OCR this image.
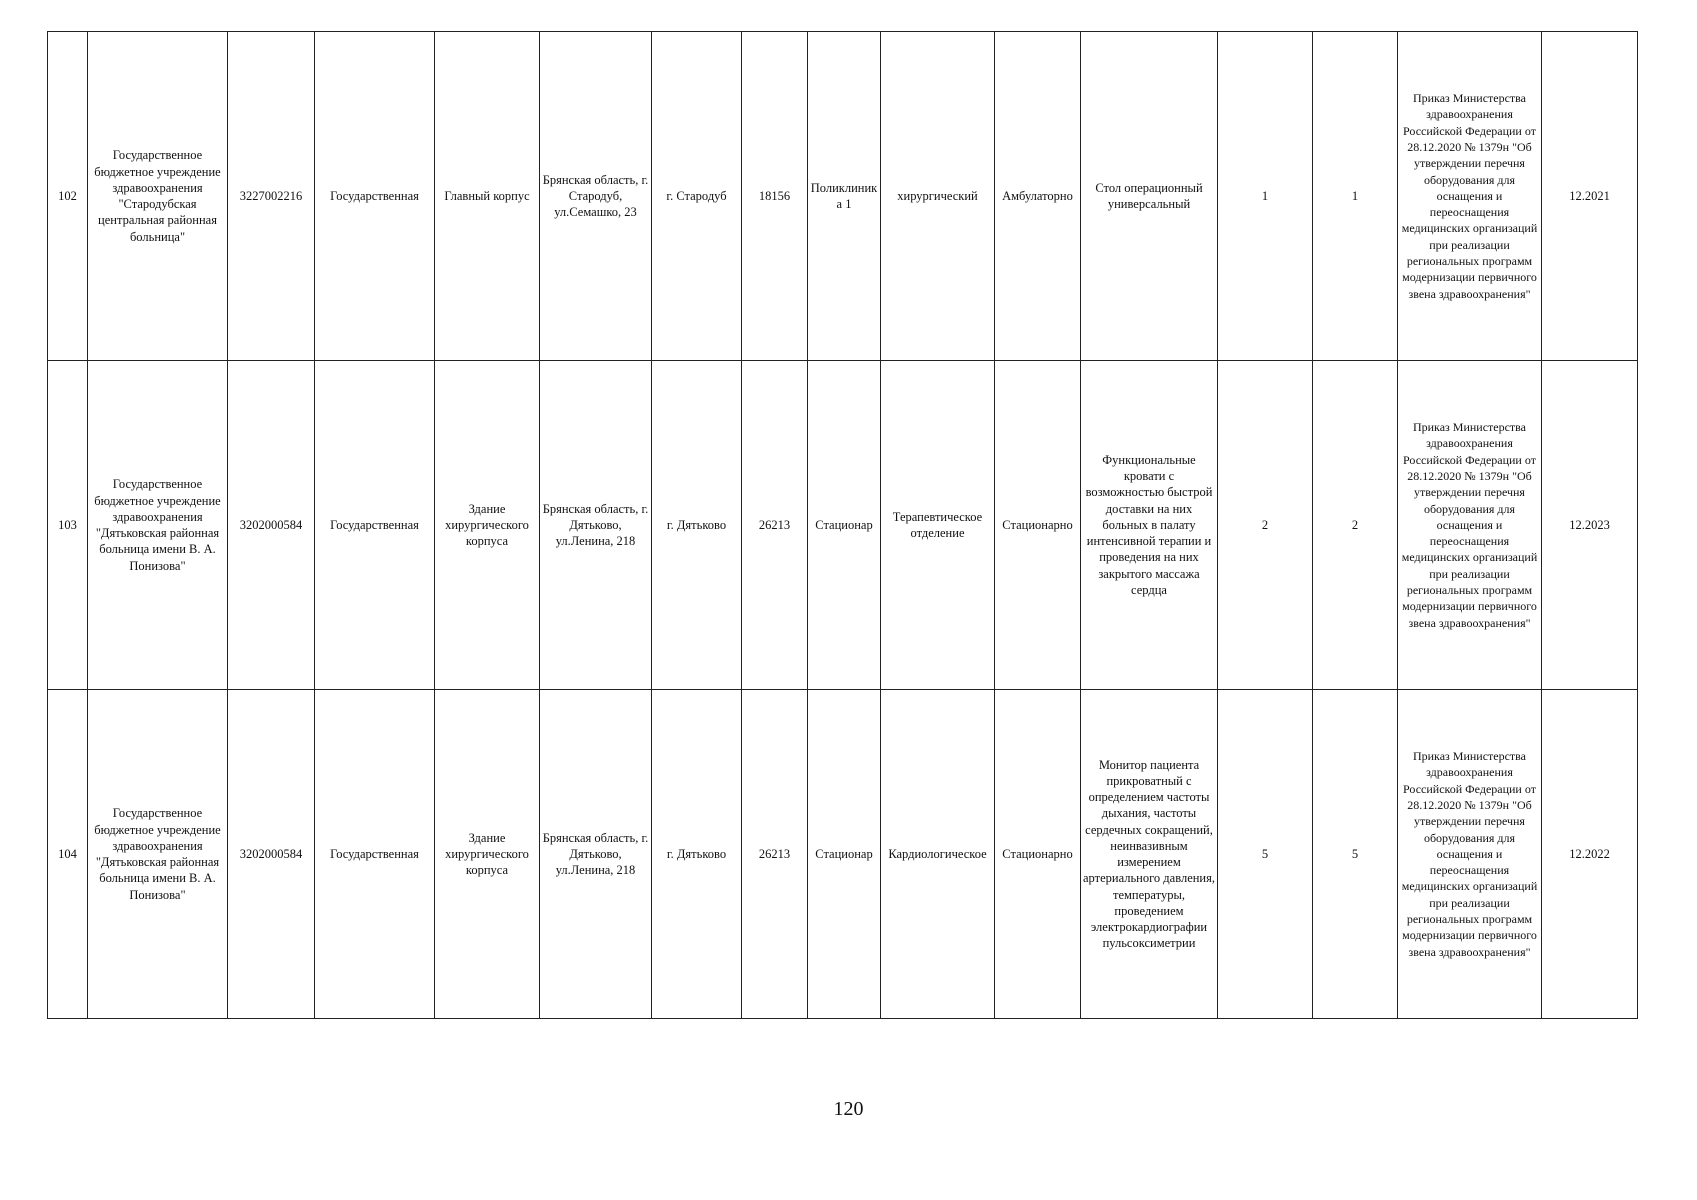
102	Государственное бюджетное учреждение здравоохранения "Стародубская центральная районная больница"	3227002216	Государственная	Главный корпус	Брянская область, г. Стародуб, ул.Семашко, 23	г. Стародуб	18156	Поликлиника 1	хирургический	Амбулаторно	Стол операционный универсальный	1	1	Приказ Министерства здравоохранения Российской Федерации от 28.12.2020 № 1379н "Об утверждении перечня оборудования для оснащения и переоснащения медицинских организаций при реализации региональных программ модернизации первичного звена здравоохранения"	12.2021
103	Государственное бюджетное учреждение здравоохранения "Дятьковская районная больница имени В. А. Понизова"	3202000584	Государственная	Здание хирургического корпуса	Брянская область, г. Дятьково, ул.Ленина, 218	г. Дятьково	26213	Стационар	Терапевтическое отделение	Стационарно	Функциональные кровати с возможностью быстрой доставки на них больных в палату интенсивной терапии и проведения на них закрытого массажа сердца	2	2	Приказ Министерства здравоохранения Российской Федерации от 28.12.2020 № 1379н "Об утверждении перечня оборудования для оснащения и переоснащения медицинских организаций при реализации региональных программ модернизации первичного звена здравоохранения"	12.2023
104	Государственное бюджетное учреждение здравоохранения "Дятьковская районная больница имени В. А. Понизова"	3202000584	Государственная	Здание хирургического корпуса	Брянская область, г. Дятьково, ул.Ленина, 218	г. Дятьково	26213	Стационар	Кардиологическое	Стационарно	Монитор пациента прикроватный с определением частоты дыхания, частоты сердечных сокращений, неинвазивным измерением артериального давления, температуры, проведением электрокардиографии пульсоксиметрии	5	5	Приказ Министерства здравоохранения Российской Федерации от 28.12.2020 № 1379н "Об утверждении перечня оборудования для оснащения и переоснащения медицинских организаций при реализации региональных программ модернизации первичного звена здравоохранения"	12.2022
120
